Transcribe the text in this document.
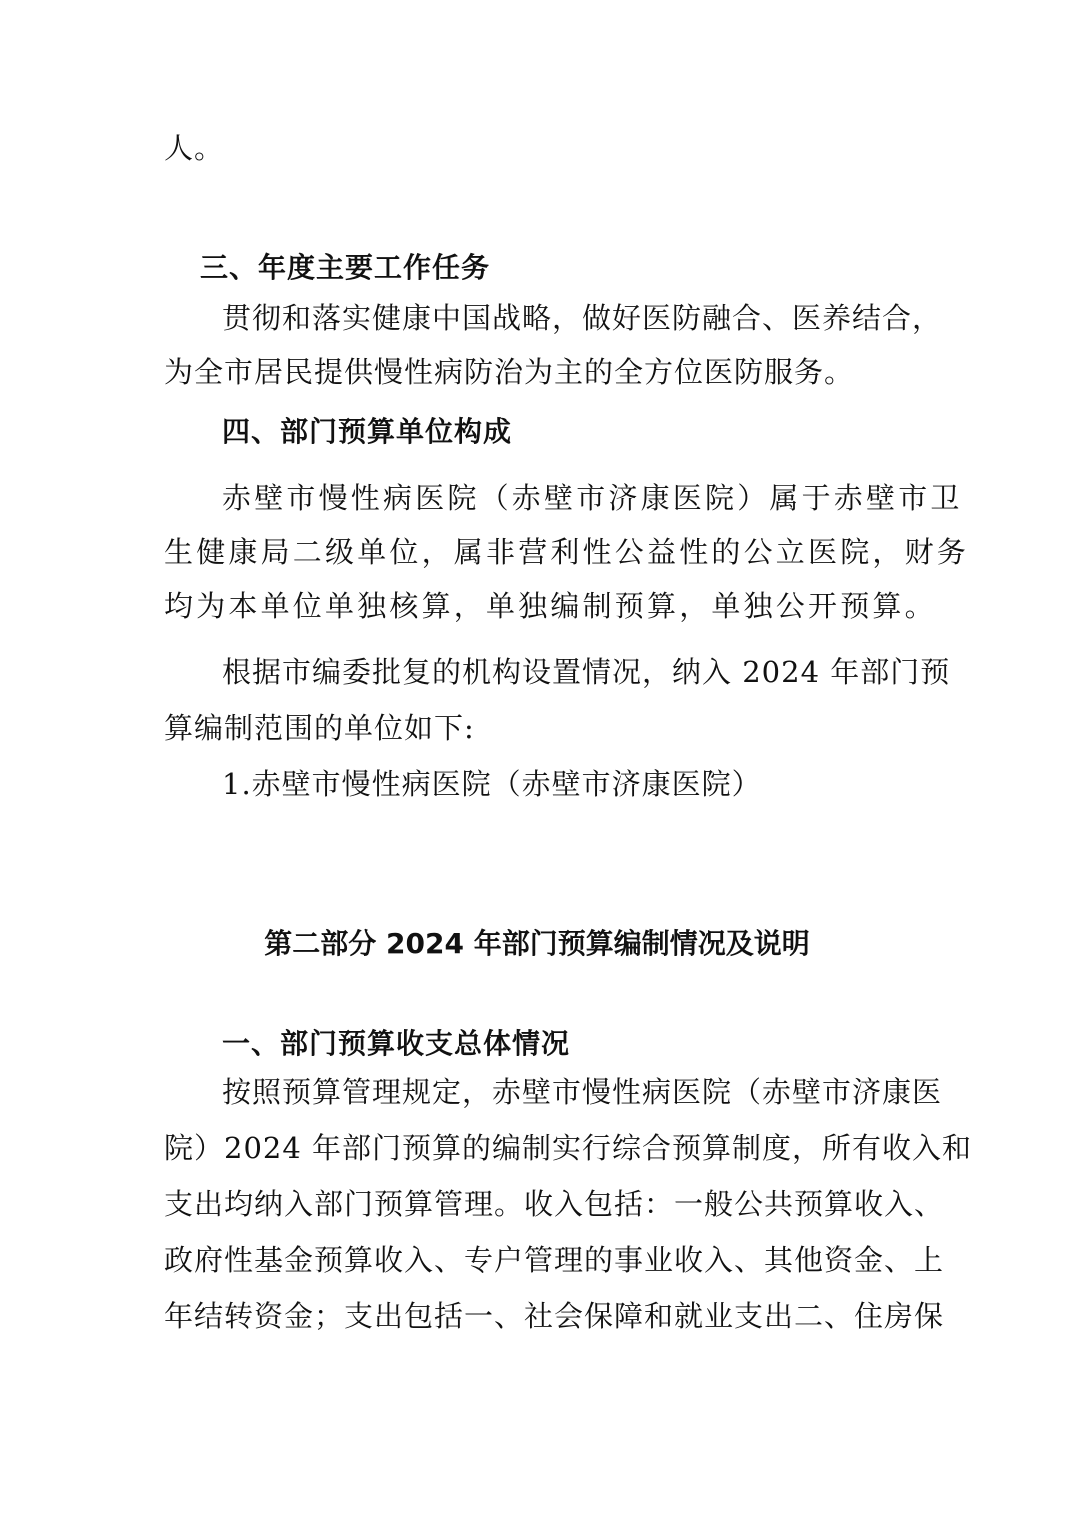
人。
三、年度主要工作任务
贯彻和落实健康中国战略，做好医防融合、医养结合，
为全市居民提供慢性病防治为主的全方位医防服务。
四、部门预算单位构成
赤壁市慢性病医院（赤壁市济康医院）属于赤壁市卫
生健康局二级单位，属非营利性公益性的公立医院，财务
均为本单位单独核算，单独编制预算，单独公开预算。
根据市编委批复的机构设置情况，纳入 2024 年部门预
算编制范围的单位如下:
1.赤壁市慢性病医院（赤壁市济康医院）
第二部分 2024 年部门预算编制情况及说明
一、部门预算收支总体情况
按照预算管理规定，赤壁市慢性病医院（赤壁市济康医
院）2024 年部门预算的编制实行综合预算制度，所有收入和
支出均纳入部门预算管理。收入包括：一般公共预算收入、
政府性基金预算收入、专户管理的事业收入、其他资金、上
年结转资金；支出包括一、社会保障和就业支出二、住房保
